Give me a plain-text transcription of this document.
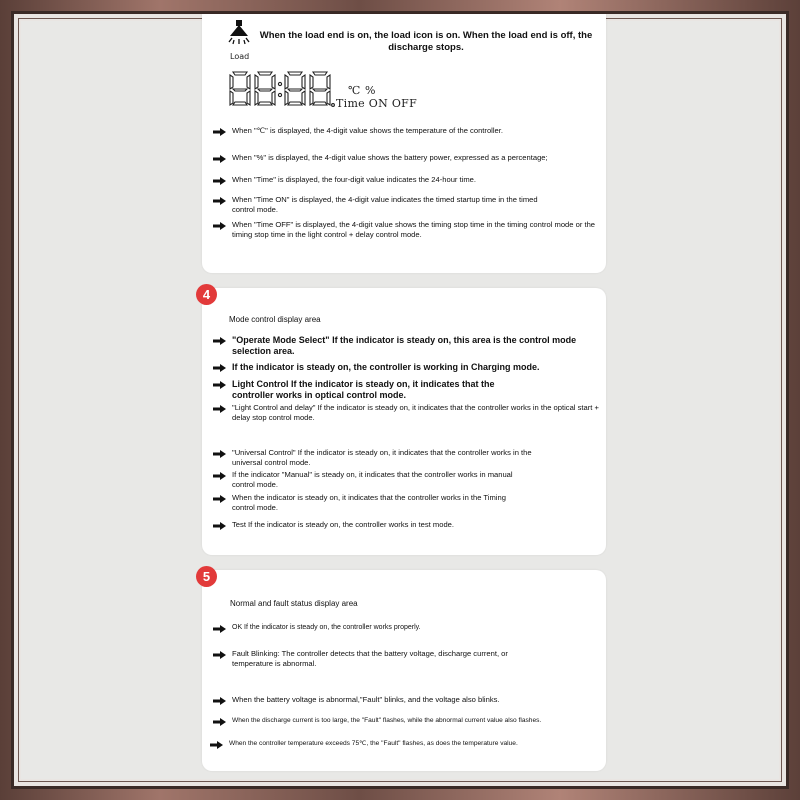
Load
When the load end is on, the load icon is on. When the load end is off, the discharge stops.
℃ %
Time ON OFF
When "℃" is displayed, the 4-digit value shows the temperature of the controller.
When "%" is displayed, the 4-digit value shows the battery power, expressed as a percentage;
When "Time" is displayed, the four-digit value indicates the 24-hour time.
When "Time ON" is displayed, the 4-digit value indicates the timed startup time in the timed control mode.
When "Time OFF" is displayed, the 4-digit value shows the timing stop time in the timing control mode or the timing stop time in the light control + delay control mode.
4
Mode control display area
"Operate Mode Select" If the indicator is steady on, this area is the control mode selection area.
If the indicator is steady on, the controller is working in Charging mode.
Light Control If the indicator is steady on, it indicates that the controller works in optical control mode.
"Light Control and delay" If the indicator is steady on, it indicates that the controller works in the optical start + delay stop control mode.
"Universal Control" If the indicator is steady on, it indicates that the controller works in the universal control mode.
If the indicator "Manual" is steady on, it indicates that the controller works in manual control mode.
When the indicator is steady on, it indicates that the controller works in the Timing control mode.
Test If the indicator is steady on, the controller works in test mode.
5
Normal and fault status display area
OK If the indicator is steady on, the controller works properly.
Fault Blinking: The controller detects that the battery voltage, discharge current, or temperature is abnormal.
When the battery voltage is abnormal,"Fault" blinks, and the voltage also blinks.
When the discharge current is too large, the "Fault" flashes, while the abnormal current value also flashes.
When the controller temperature exceeds 75℃, the "Fault" flashes, as does the temperature value.
